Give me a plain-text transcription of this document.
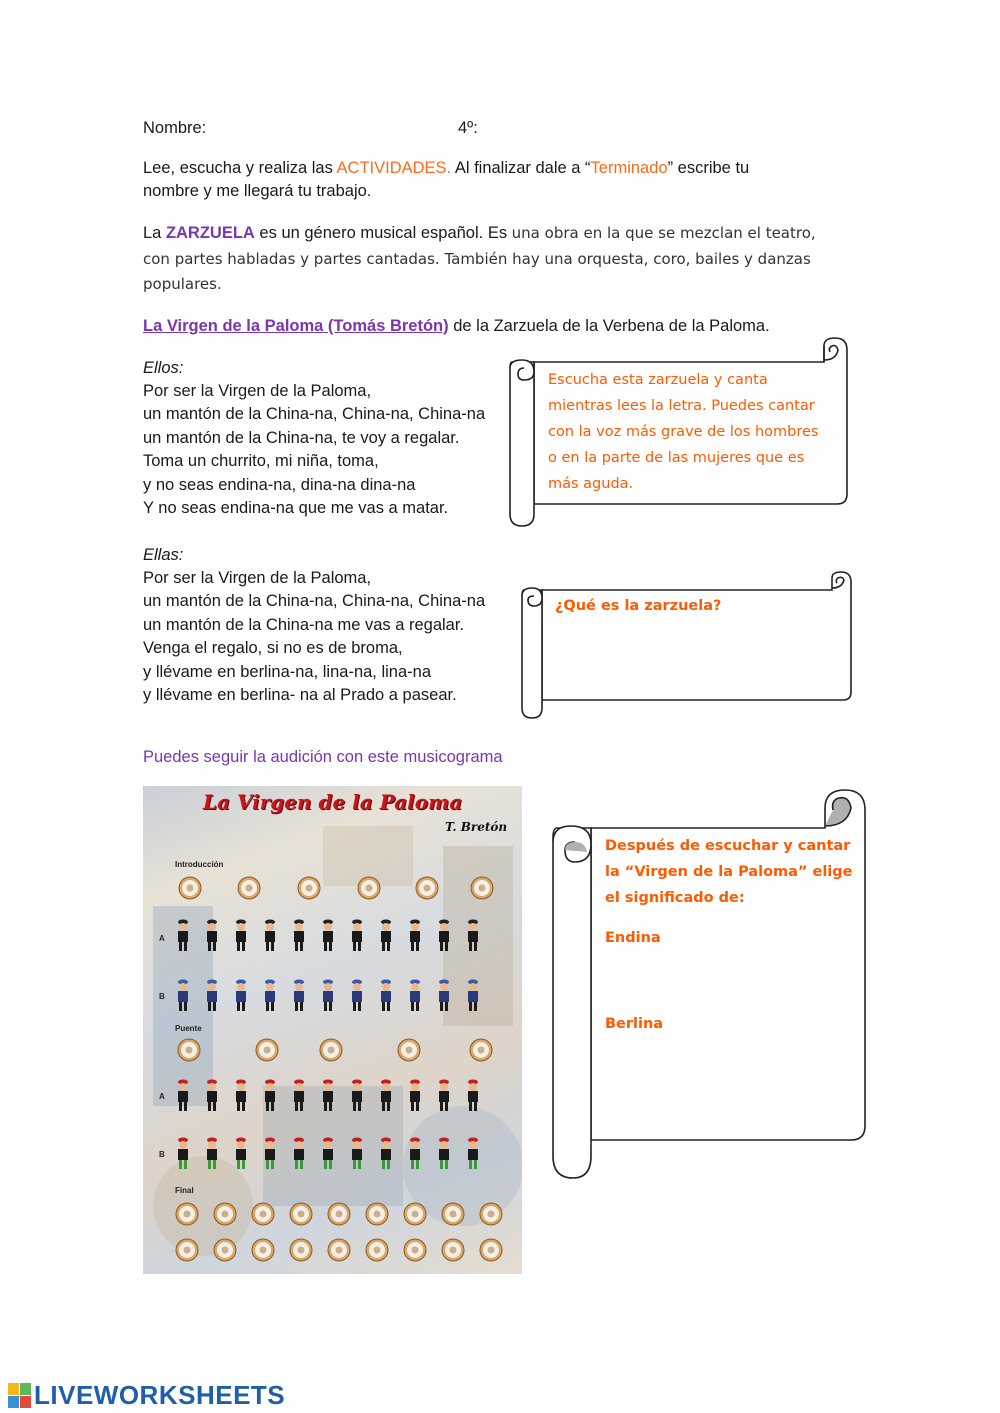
Nombre:	4º:
Lee, escucha y realiza las ACTIVIDADES. Al finalizar dale a “Terminado” escribe tu
nombre y me llegará tu trabajo.
La ZARZUELA es un género musical español. Es una obra en la que se mezclan el teatro,
con partes habladas y partes cantadas. También hay una orquesta, coro, bailes y danzas
populares.
La Virgen de la Paloma (Tomás Bretón) de la Zarzuela de la Verbena de la Paloma.
Ellos:
Por ser la Virgen de la Paloma,
un mantón de la China-na, China-na, China-na
un mantón de la China-na, te voy a regalar.
Toma un churrito, mi niña, toma,
y no seas endina-na, dina-na dina-na
Y no seas endina-na que me vas a matar.
Ellas:
Por ser la Virgen de la Paloma,
un mantón de la China-na, China-na, China-na
un mantón de la China-na me vas a regalar.
Venga el regalo, si no es de broma,
y llévame en berlina-na, lina-na, lina-na
y llévame en berlina- na al Prado a pasear.
Escucha esta zarzuela y canta
mientras lees la letra. Puedes cantar
con la voz más grave de los hombres
o en la parte de las mujeres que es
más aguda.
¿Qué es la zarzuela?
Puedes seguir la audición con este musicograma
La Virgen de la Paloma
T. Bretón
Introducción
A
B
Puente
A
B
Final
Después de escuchar y cantar
la “Virgen de la Paloma” elige
el significado de:
Endina
Berlina
LIVEWORKSHEETS
